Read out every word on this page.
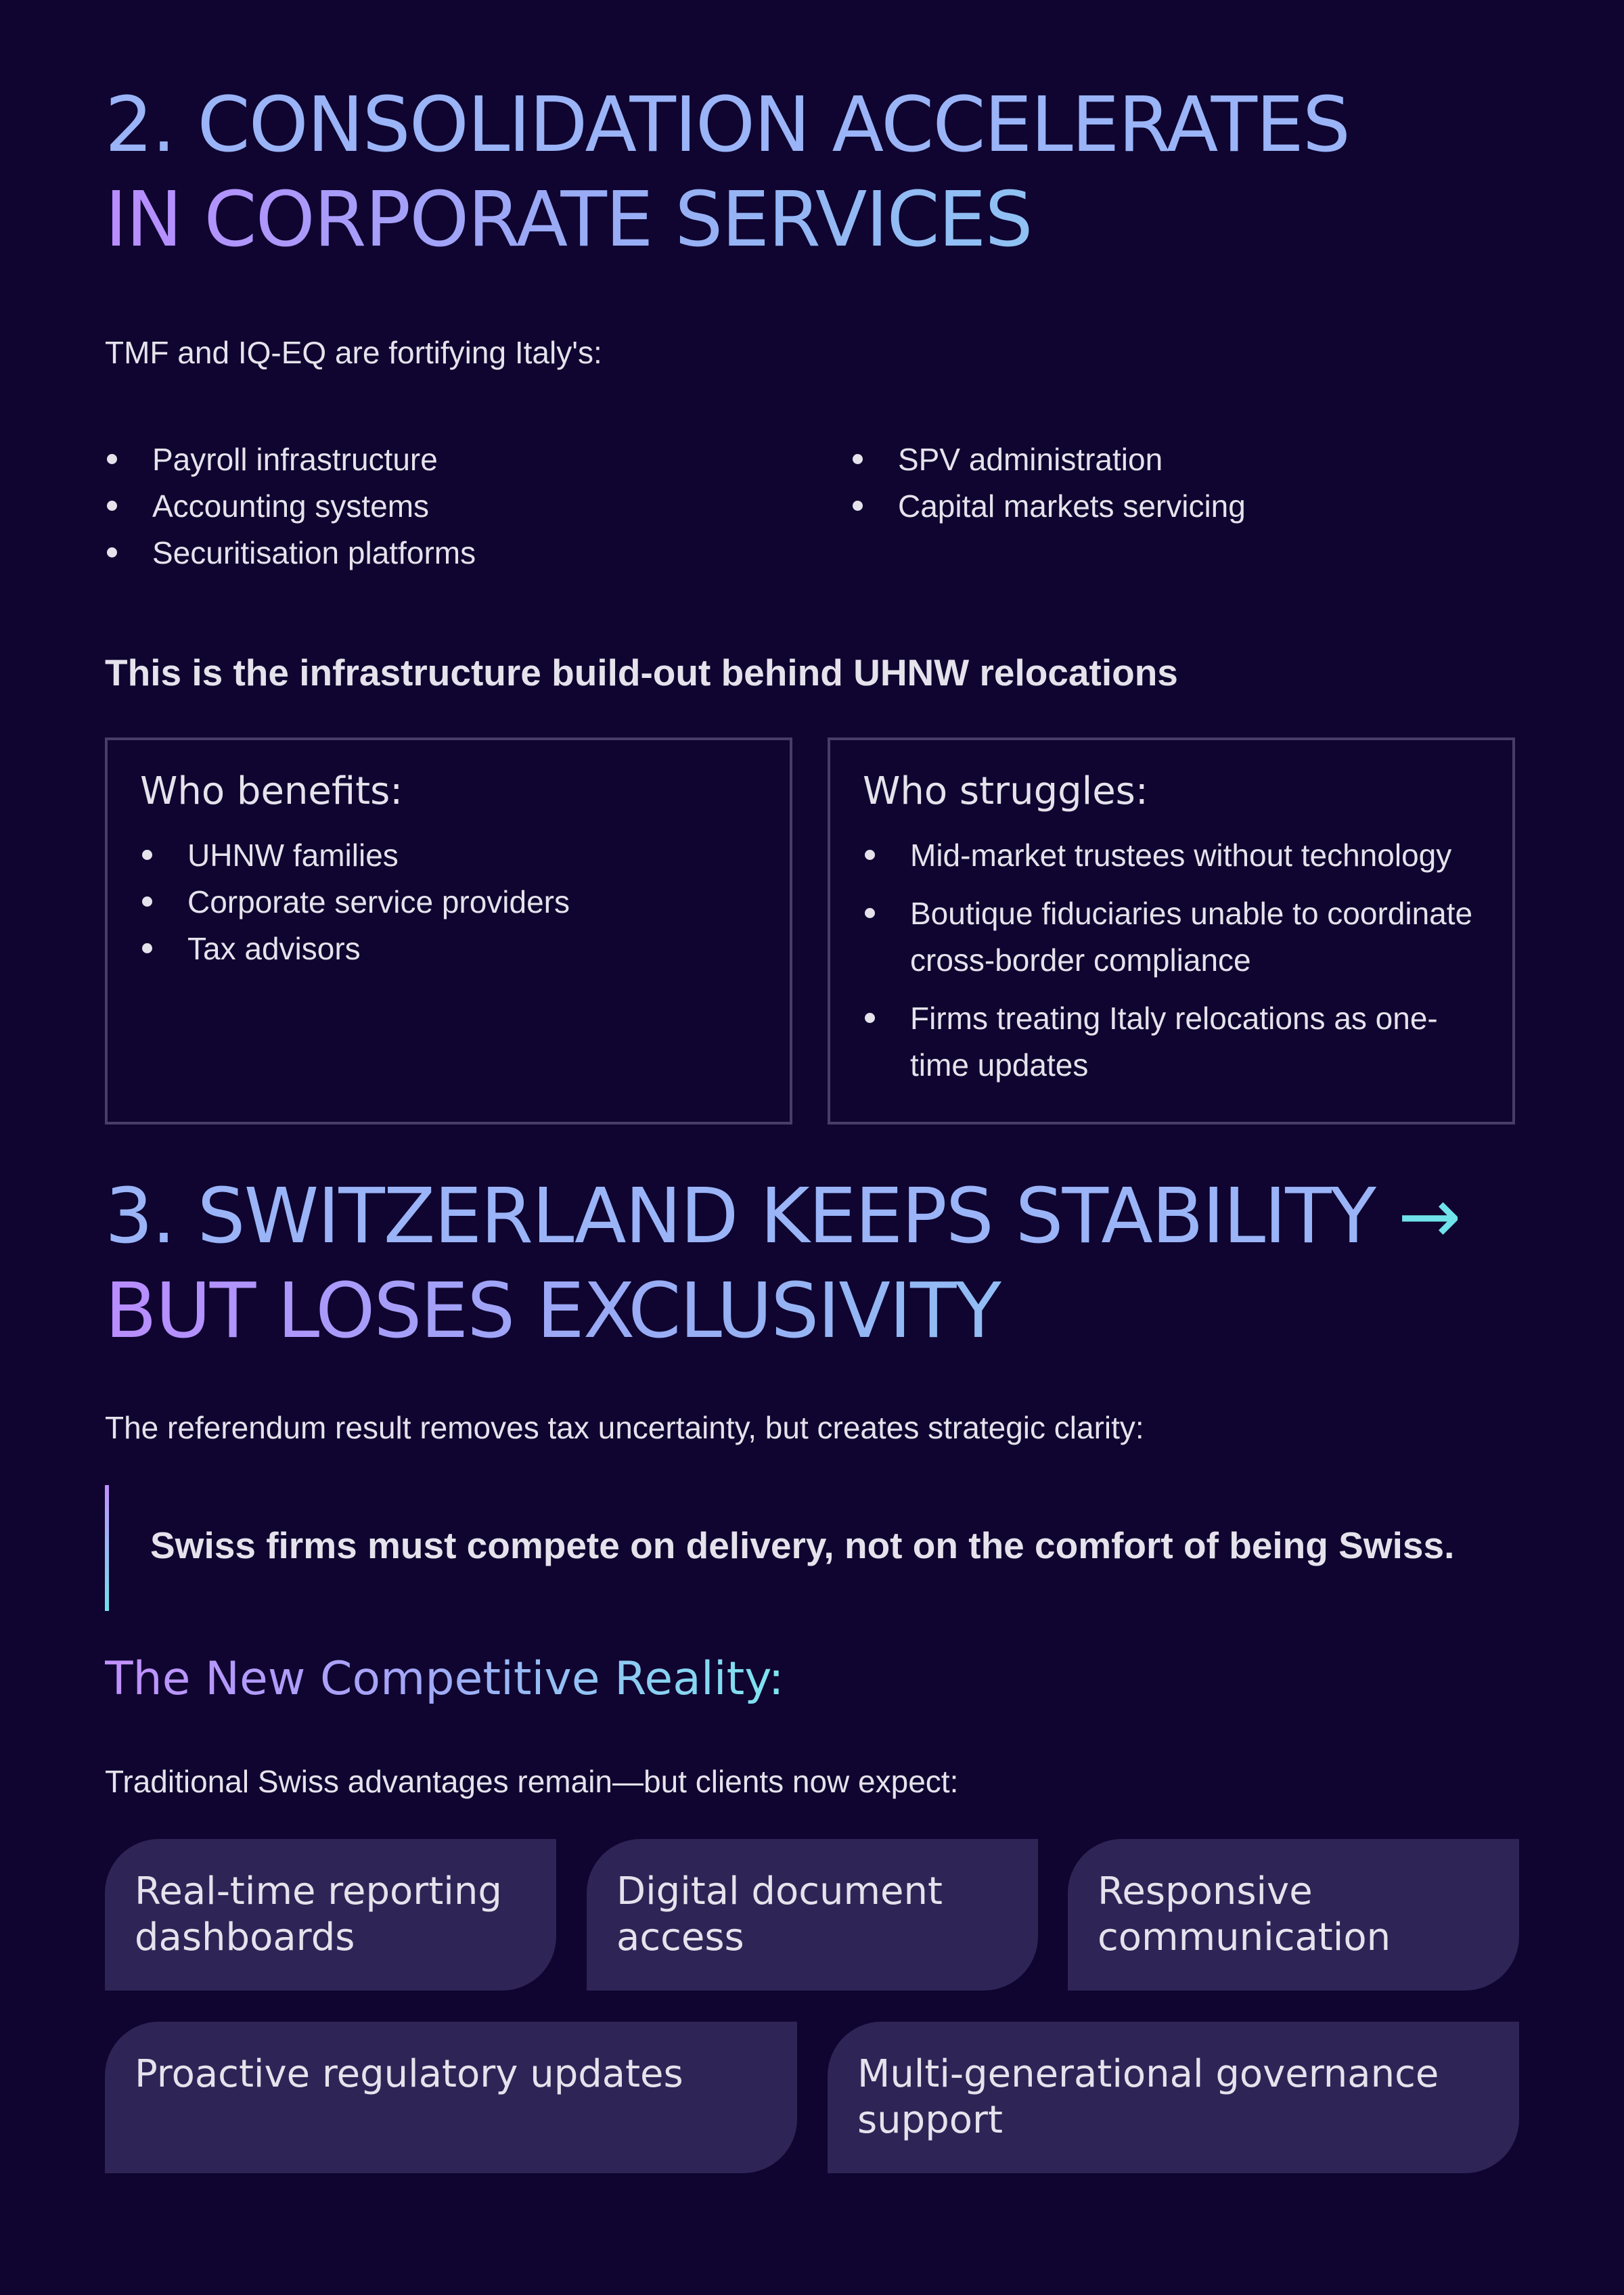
2. CONSOLIDATION ACCELERATES
IN CORPORATE SERVICES

TMF and IQ-EQ are fortifying Italy's:

Payroll infrastructure
Accounting systems
Securitisation platforms
SPV administration
Capital markets servicing

This is the infrastructure build-out behind UHNW relocations

Who benefits:
UHNW families
Corporate service providers
Tax advisors
Who struggles:
Mid-market trustees without technology
Boutique fiduciaries unable to coordinate
cross-border compliance
Firms treating Italy relocations as one-
time updates
3. SWITZERLAND KEEPS STABILITY →
BUT LOSES EXCLUSIVITY

The referendum result removes tax uncertainty, but creates strategic clarity:

Swiss firms must compete on delivery, not on the comfort of being Swiss.

The New Competitive Reality:

Traditional Swiss advantages remain—but clients now expect:

Real-time reporting
dashboards
Digital document
access
Responsive
communication
Proactive regulatory updates	Multi-generational governance
support
